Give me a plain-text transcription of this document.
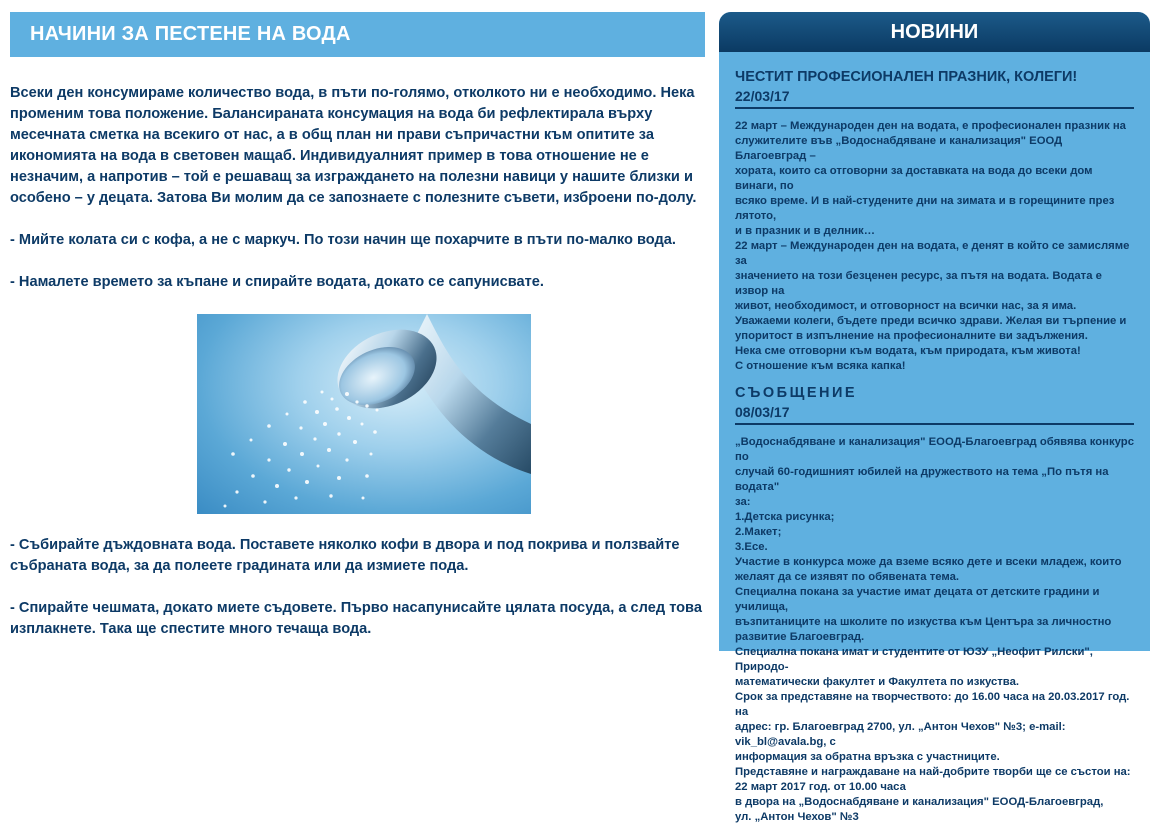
НАЧИНИ ЗА ПЕСТЕНЕ НА ВОДА

Всеки ден консумираме количество вода, в пъти по-голямо, отколкото ни е необходимо. Нека променим това положение. Балансираната консумация на вода би рефлектирала върху месечната сметка на всекиго от нас, а в общ план ни прави съпричастни към опитите за икономията на вода в световен мащаб. Индивидуалният пример в това отношение не е незначим, а напротив – той е решаващ за изграждането на полезни навици у нашите близки и особено – у децата. Затова Ви молим да се запознаете с полезните съвети, изброени по-долу.

- Мийте колата си с кофа, а не с маркуч. По този начин ще похарчите в пъти по-малко вода.

- Намалете времето за къпане и спирайте водата, докато се сапунисвате.

- Събирайте дъждовната вода. Поставете няколко кофи в двора и под покрива и ползвайте събраната вода, за да полеете градината или да измиете пода.

- Спирайте чешмата, докато миете съдовете. Първо насапунисайте цялата посуда, а след това изплакнете. Така ще спестите много течаща вода.

НОВИНИ
ЧЕСТИТ ПРОФЕСИОНАЛЕН ПРАЗНИК, КОЛЕГИ!
22/03/17
22 март – Международен ден на водата, е професионален празник на
служителите във „Водоснабдяване и канализация" ЕООД Благоевград –
хората, които са отговорни за доставката на вода до всеки дом винаги, по
всяко време. И в най-студените дни на зимата и в горещините през лятото,
и в празник и в делник…
22 март – Международен ден на водата, е денят в който се замисляме за
значението на този безценен ресурс, за пътя на водата. Водата е извор на
живот, необходимост, и отговорност на всички нас, за я има.
Уважаеми колеги, бъдете преди всичко здрави. Желая ви търпение и
упоритост в изпълнение на професионалните ви задължения.
Нека сме отговорни към водата, към природата, към живота!
С отношение към всяка капка!
СЪОБЩЕНИЕ
08/03/17
„Водоснабдяване и канализация" ЕООД-Благоевград обявява конкурс по
случай 60-годишният юбилей на дружеството на тема „По пътя на водата"
за:
1.Детска рисунка;
2.Макет;
3.Есе.
Участие в конкурса може да вземе всяко дете и всеки младеж, които
желаят да се изявят по обявената тема.
Специална покана за участие имат децата от детските градини и училища,
възпитаниците на школите по изкуства към Центъра за личностно
развитие Благоевград.
Специална покана имат и студентите от ЮЗУ „Неофит Рилски", Природо-
математически факултет и Факултета по изкуства.
Срок за представяне на творчеството: до 16.00 часа на 20.03.2017 год. на
адрес: гр. Благоевград 2700, ул. „Антон Чехов" №3; e-mail: vik_bl@avala.bg, с
информация за обратна връзка с участниците.
Представяне и награждаване на най-добрите творби ще се състои на:
22 март 2017 год. от 10.00 часа
в двора на „Водоснабдяване и канализация" ЕООД-Благоевград,
ул. „Антон Чехов" №3
